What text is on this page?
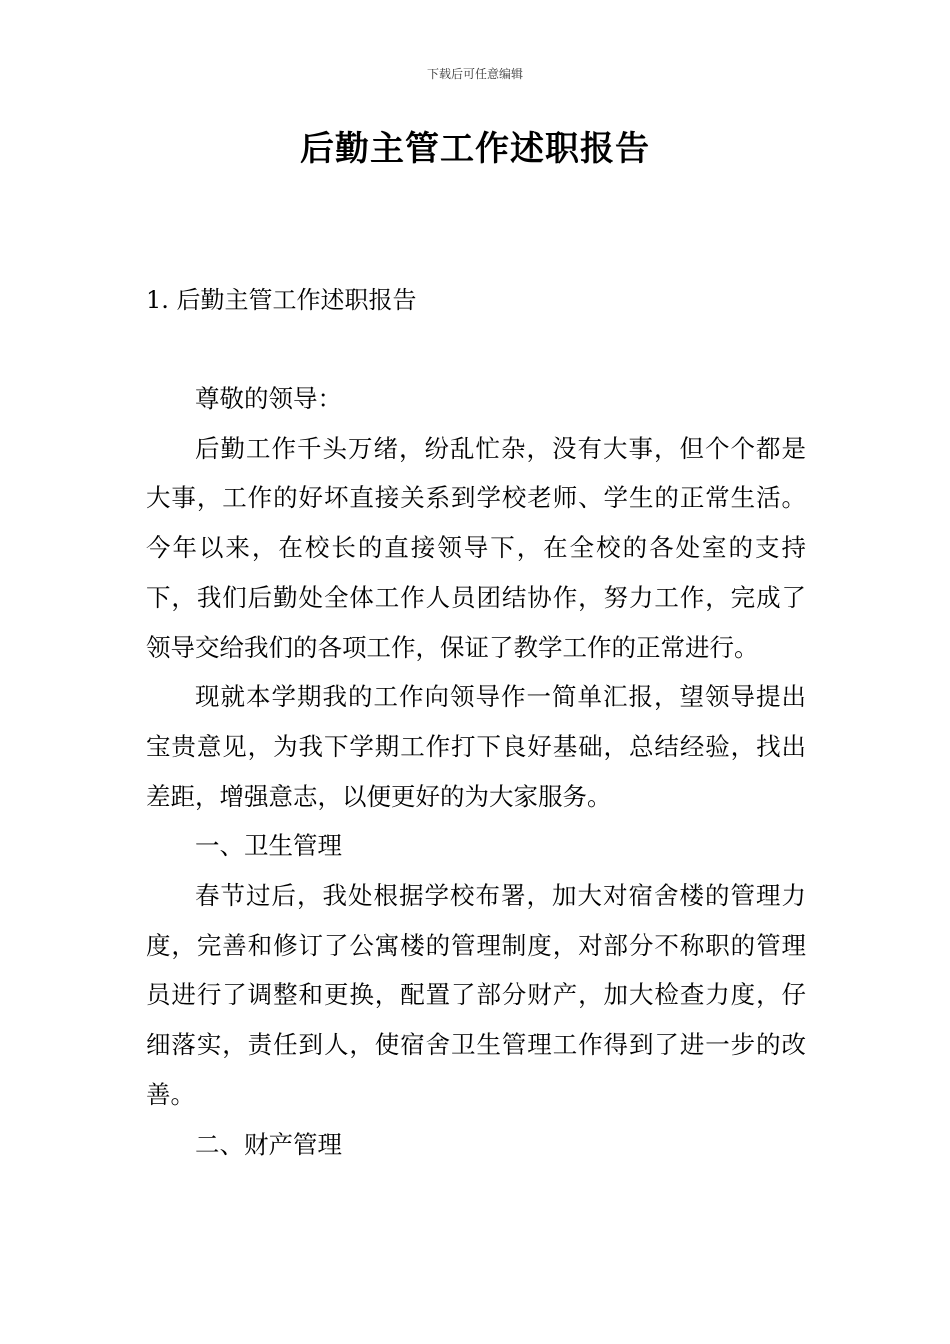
下载后可任意编辑
后勤主管工作述职报告
1. 后勤主管工作述职报告

尊敬的领导：

后勤工作千头万绪，纷乱忙杂，没有大事，但个个都是大事，工作的好坏直接关系到学校老师、学生的正常生活。今年以来，在校长的直接领导下，在全校的各处室的支持下，我们后勤处全体工作人员团结协作，努力工作，完成了领导交给我们的各项工作，保证了教学工作的正常进行。

现就本学期我的工作向领导作一简单汇报，望领导提出宝贵意见，为我下学期工作打下良好基础，总结经验，找出差距，增强意志，以便更好的为大家服务。

一、卫生管理

春节过后，我处根据学校布署，加大对宿舍楼的管理力度，完善和修订了公寓楼的管理制度，对部分不称职的管理员进行了调整和更换，配置了部分财产，加大检查力度，仔细落实，责任到人，使宿舍卫生管理工作得到了进一步的改善。

二、财产管理
